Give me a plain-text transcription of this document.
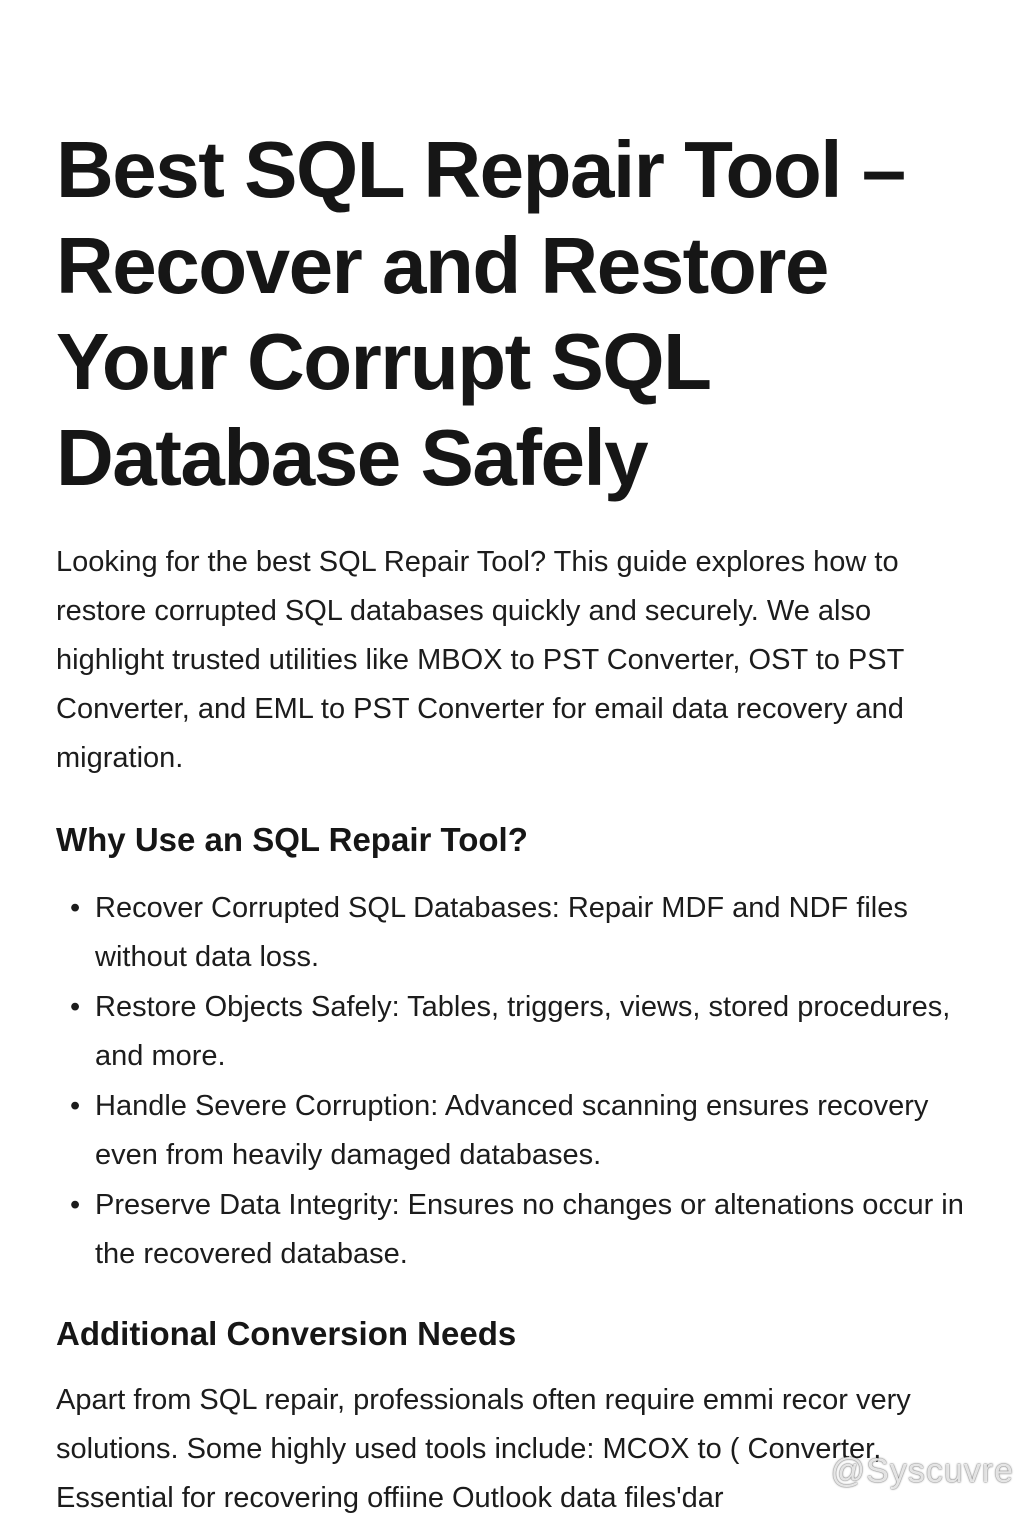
Best SQL Repair Tool – Recover and Restore Your Corrupt SQL Database Safely

Looking for the best SQL Repair Tool? This guide explores how to restore corrupted SQL databases quickly and securely. We also highlight trusted utilities like MBOX to PST Converter, OST to PST Converter, and EML to PST Converter for email data recovery and migration.

Why Use an SQL Repair Tool?
• Recover Corrupted SQL Databases: Repair MDF and NDF files without data loss.
• Restore Objects Safely: Tables, triggers, views, stored procedures, and more.
• Handle Severe Corruption: Advanced scanning ensures recovery even from heavily damaged databases.
• Preserve Data Integrity: Ensures no changes or altenations occur in the recovered database.
Additional Conversion Needs

Apart from SQL repair, professionals often require emmi recor very solutions. Some highly used tools include: MCOX to ( Converter, Essential for recovering offiine Outlook data files'dar

@Syscuvre
